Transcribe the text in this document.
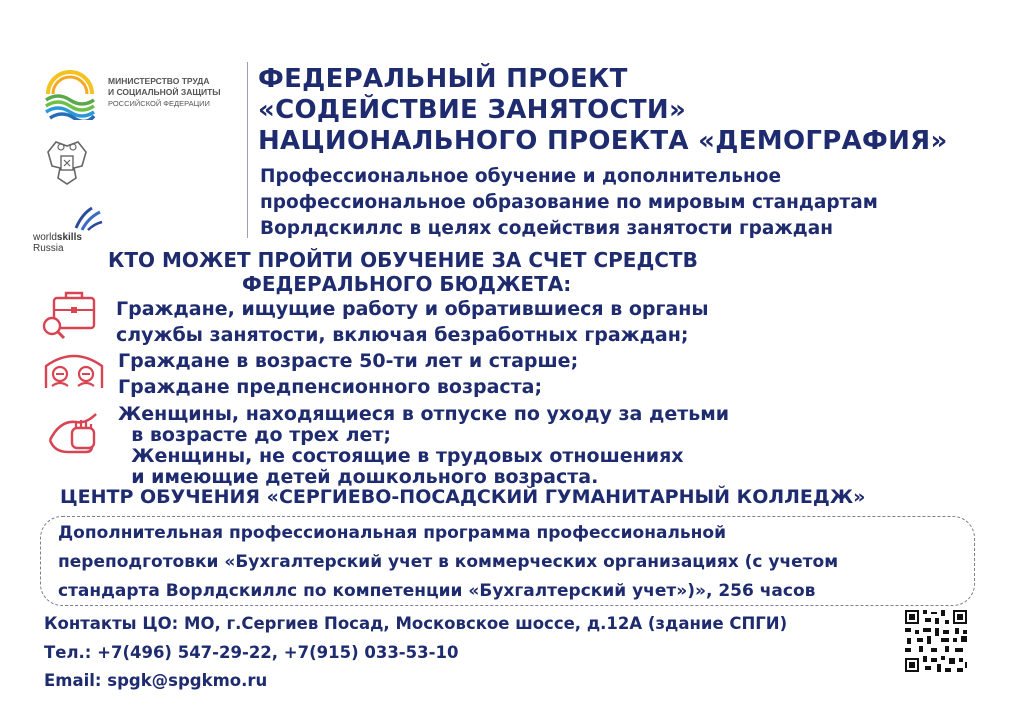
МИНИСТЕРСТВО ТРУДА
И СОЦИАЛЬНОЙ ЗАЩИТЫ
РОССИЙСКОЙ ФЕДЕРАЦИИ
worldskills
Russia
ФЕДЕРАЛЬНЫЙ ПРОЕКТ
«СОДЕЙСТВИЕ ЗАНЯТОСТИ»
НАЦИОНАЛЬНОГО ПРОЕКТА «ДЕМОГРАФИЯ»
Профессиональное обучение и дополнительное
профессиональное образование по мировым стандартам
Ворлдскиллс в целях содействия занятости граждан
КТО МОЖЕТ ПРОЙТИ ОБУЧЕНИЕ ЗА СЧЕТ СРЕДСТВ
ФЕДЕРАЛЬНОГО БЮДЖЕТА:
Граждане, ищущие работу и обратившиеся в органы
службы занятости, включая безработных граждан;
Граждане в возрасте 50-ти лет и старше;
Граждане предпенсионного возраста;
Женщины, находящиеся в отпуске по уходу за детьми
в возрасте до трех лет;
Женщины, не состоящие в трудовых отношениях
и имеющие детей дошкольного возраста.
ЦЕНТР ОБУЧЕНИЯ «СЕРГИЕВО-ПОСАДСКИЙ ГУМАНИТАРНЫЙ КОЛЛЕДЖ»
Дополнительная профессиональная программа профессиональной
переподготовки «Бухгалтерский учет в коммерческих организациях (с учетом
стандарта Ворлдскиллс по компетенции «Бухгалтерский учет»)», 256 часов
Контакты ЦО: МО, г.Сергиев Посад, Московское шоссе, д.12А (здание СПГИ)
Тел.: +7(496) 547-29-22, +7(915) 033-53-10
Email: spgk@spgkmo.ru
